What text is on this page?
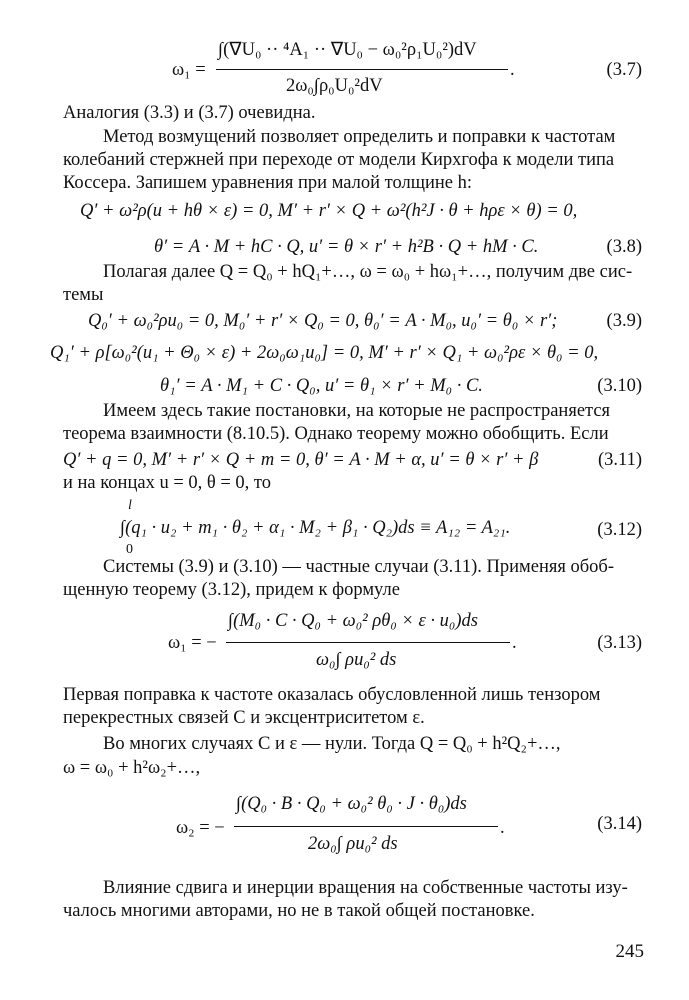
ω₁ =
∫(∇U₀ ·· ⁴A₁ ·· ∇U₀ − ω₀²ρ₁U₀²)dV
2ω₀∫ρ₀U₀²dV
.	(3.7)
Аналогия (3.3) и (3.7) очевидна.
Метод возмущений позволяет определить и поправки к частотам
колебаний стержней при переходе от модели Кирхгофа к модели типа
Коссера. Запишем уравнения при малой толщине h:
Q′ + ω²ρ(u + hθ × ε) = 0, M′ + r′ × Q + ω²(h²J · θ + hρε × θ) = 0,
θ′ = A · M + hC · Q, u′ = θ × r′ + h²B · Q + hM · C.	(3.8)
Полагая далее Q = Q₀ + hQ₁+…, ω = ω₀ + hω₁+…, получим две сис-
темы
Q₀′ + ω₀²ρu₀ = 0, M₀′ + r′ × Q₀ = 0, θ₀′ = A · M₀, u₀′ = θ₀ × r′;	(3.9)
Q₁′ + ρ[ω₀²(u₁ + Θ₀ × ε) + 2ω₀ω₁u₀] = 0, M′ + r′ × Q₁ + ω₀²ρε × θ₀ = 0,
θ₁′ = A · M₁ + C · Q₀, u′ = θ₁ × r′ + M₀ · C.	(3.10)
Имеем здесь такие постановки, на которые не распространяется
теорема взаимности (8.10.5). Однако теорему можно обобщить. Если
Q′ + q = 0, M′ + r′ × Q + m = 0, θ′ = A · M + α, u′ = θ × r′ + β	(3.11)
и на концах u = 0, θ = 0, то
l
∫(q₁ · u₂ + m₁ · θ₂ + α₁ · M₂ + β₁ · Q₂)ds ≡ A₁₂ = A₂₁.
0
(3.12)
Системы (3.9) и (3.10) — частные случаи (3.11). Применяя обоб-
щенную теорему (3.12), придем к формуле
ω₁ = −
∫(M₀ · C · Q₀ + ω₀² ρθ₀ × ε · u₀)ds
ω₀∫ ρu₀² ds
.	(3.13)
Первая поправка к частоте оказалась обусловленной лишь тензором
перекрестных связей C и эксцентриситетом ε.
Во многих случаях C и ε — нули. Тогда Q = Q₀ + h²Q₂+…,
ω = ω₀ + h²ω₂+…,
ω₂ = −
∫(Q₀ · B · Q₀ + ω₀² θ₀ · J · θ₀)ds
2ω₀∫ ρu₀² ds
.	(3.14)
Влияние сдвига и инерции вращения на собственные частоты изу-
чалось многими авторами, но не в такой общей постановке.
245
